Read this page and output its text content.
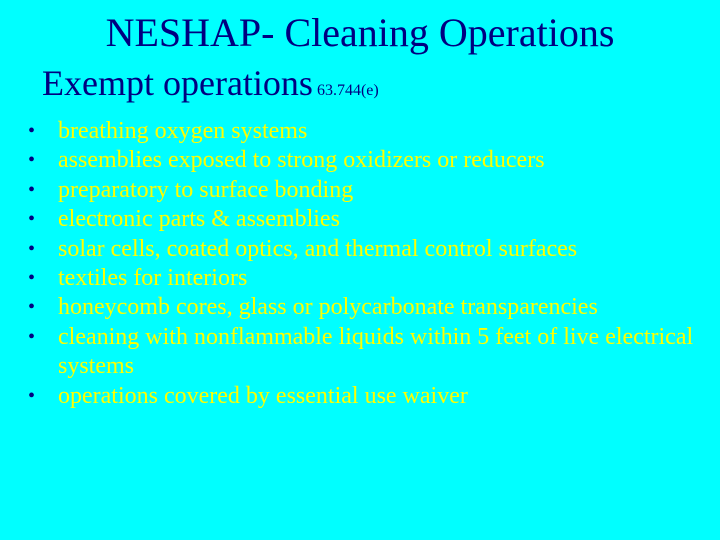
NESHAP- Cleaning Operations
Exempt operations 63.744(e)
• breathing oxygen systems
• assemblies exposed to strong oxidizers or reducers
• preparatory to surface bonding
• electronic parts & assemblies
• solar cells, coated optics, and thermal control surfaces
• textiles for interiors
• honeycomb cores, glass or polycarbonate transparencies
• cleaning with nonflammable liquids within 5 feet of live electrical systems
• operations covered by essential use waiver
